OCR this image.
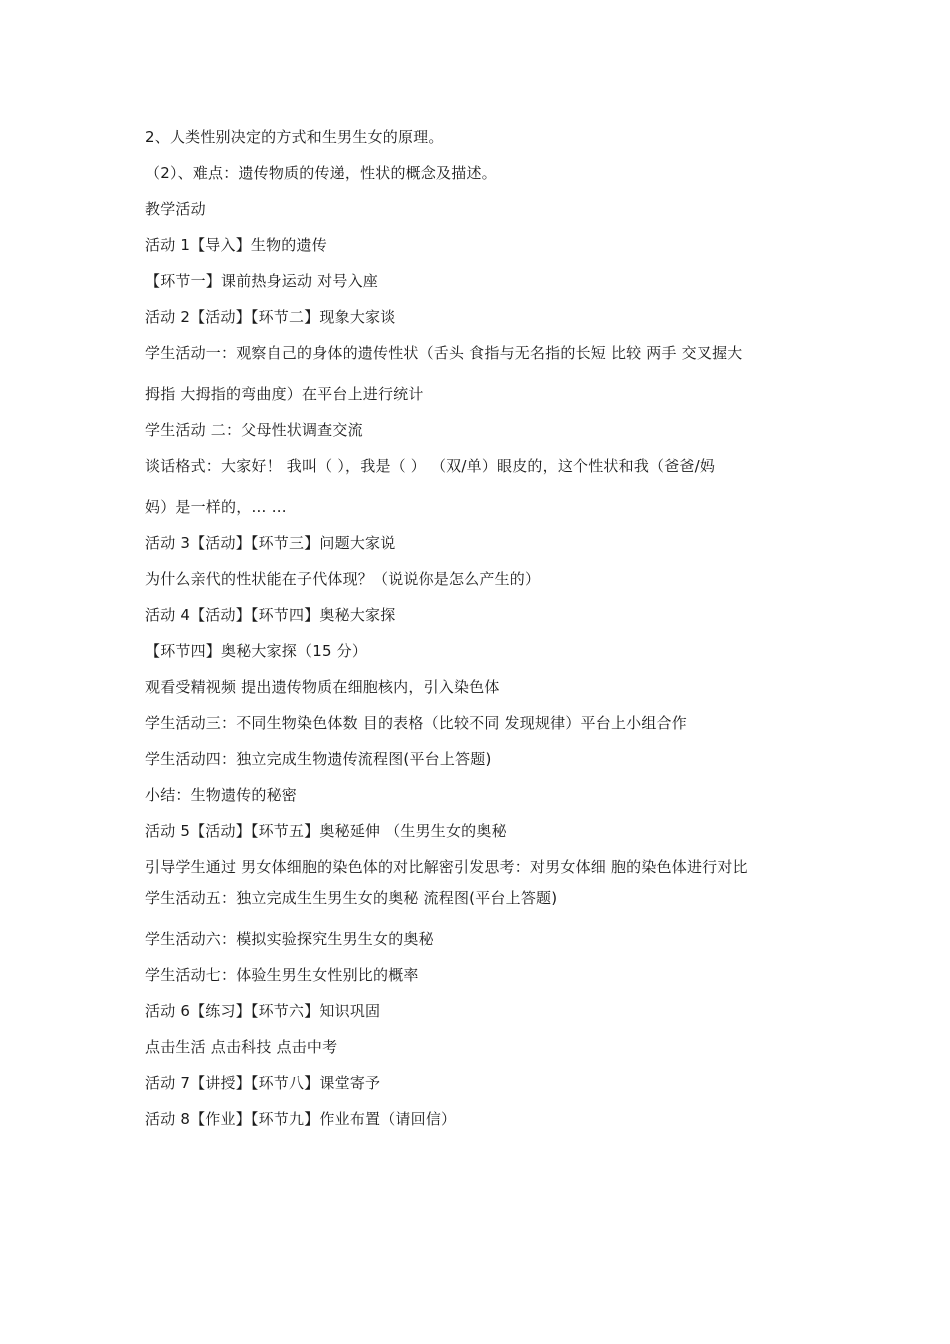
2、人类性别决定的方式和生男生女的原理。
（2）、难点：遗传物质的传递，性状的概念及描述。
教学活动
活动 1【导入】生物的遗传
【环节一】课前热身运动 对号入座
活动 2【活动】【环节二】现象大家谈
学生活动一：观察自己的身体的遗传性状（舌头 食指与无名指的长短 比较 两手 交叉握大
拇指 大拇指的弯曲度）在平台上进行统计
学生活动 二：父母性状调查交流
谈话格式：大家好！ 我叫（ ），我是（ ） （双/单）眼皮的，这个性状和我（爸爸/妈
妈）是一样的，… …
活动 3【活动】【环节三】问题大家说
为什么亲代的性状能在子代体现？（说说你是怎么产生的）
活动 4【活动】【环节四】奥秘大家探
【环节四】奥秘大家探（15 分）
观看受精视频 提出遗传物质在细胞核内，引入染色体
学生活动三：不同生物染色体数 目的表格（比较不同 发现规律）平台上小组合作
学生活动四：独立完成生物遗传流程图(平台上答题)
小结：生物遗传的秘密
活动 5【活动】【环节五】奥秘延伸 （生男生女的奥秘
引导学生通过 男女体细胞的染色体的对比解密引发思考：对男女体细 胞的染色体进行对比
学生活动五：独立完成生生男生女的奥秘 流程图(平台上答题)
学生活动六：模拟实验探究生男生女的奥秘
学生活动七：体验生男生女性别比的概率
活动 6【练习】【环节六】知识巩固
点击生活 点击科技 点击中考
活动 7【讲授】【环节八】课堂寄予
活动 8【作业】【环节九】作业布置（请回信）
